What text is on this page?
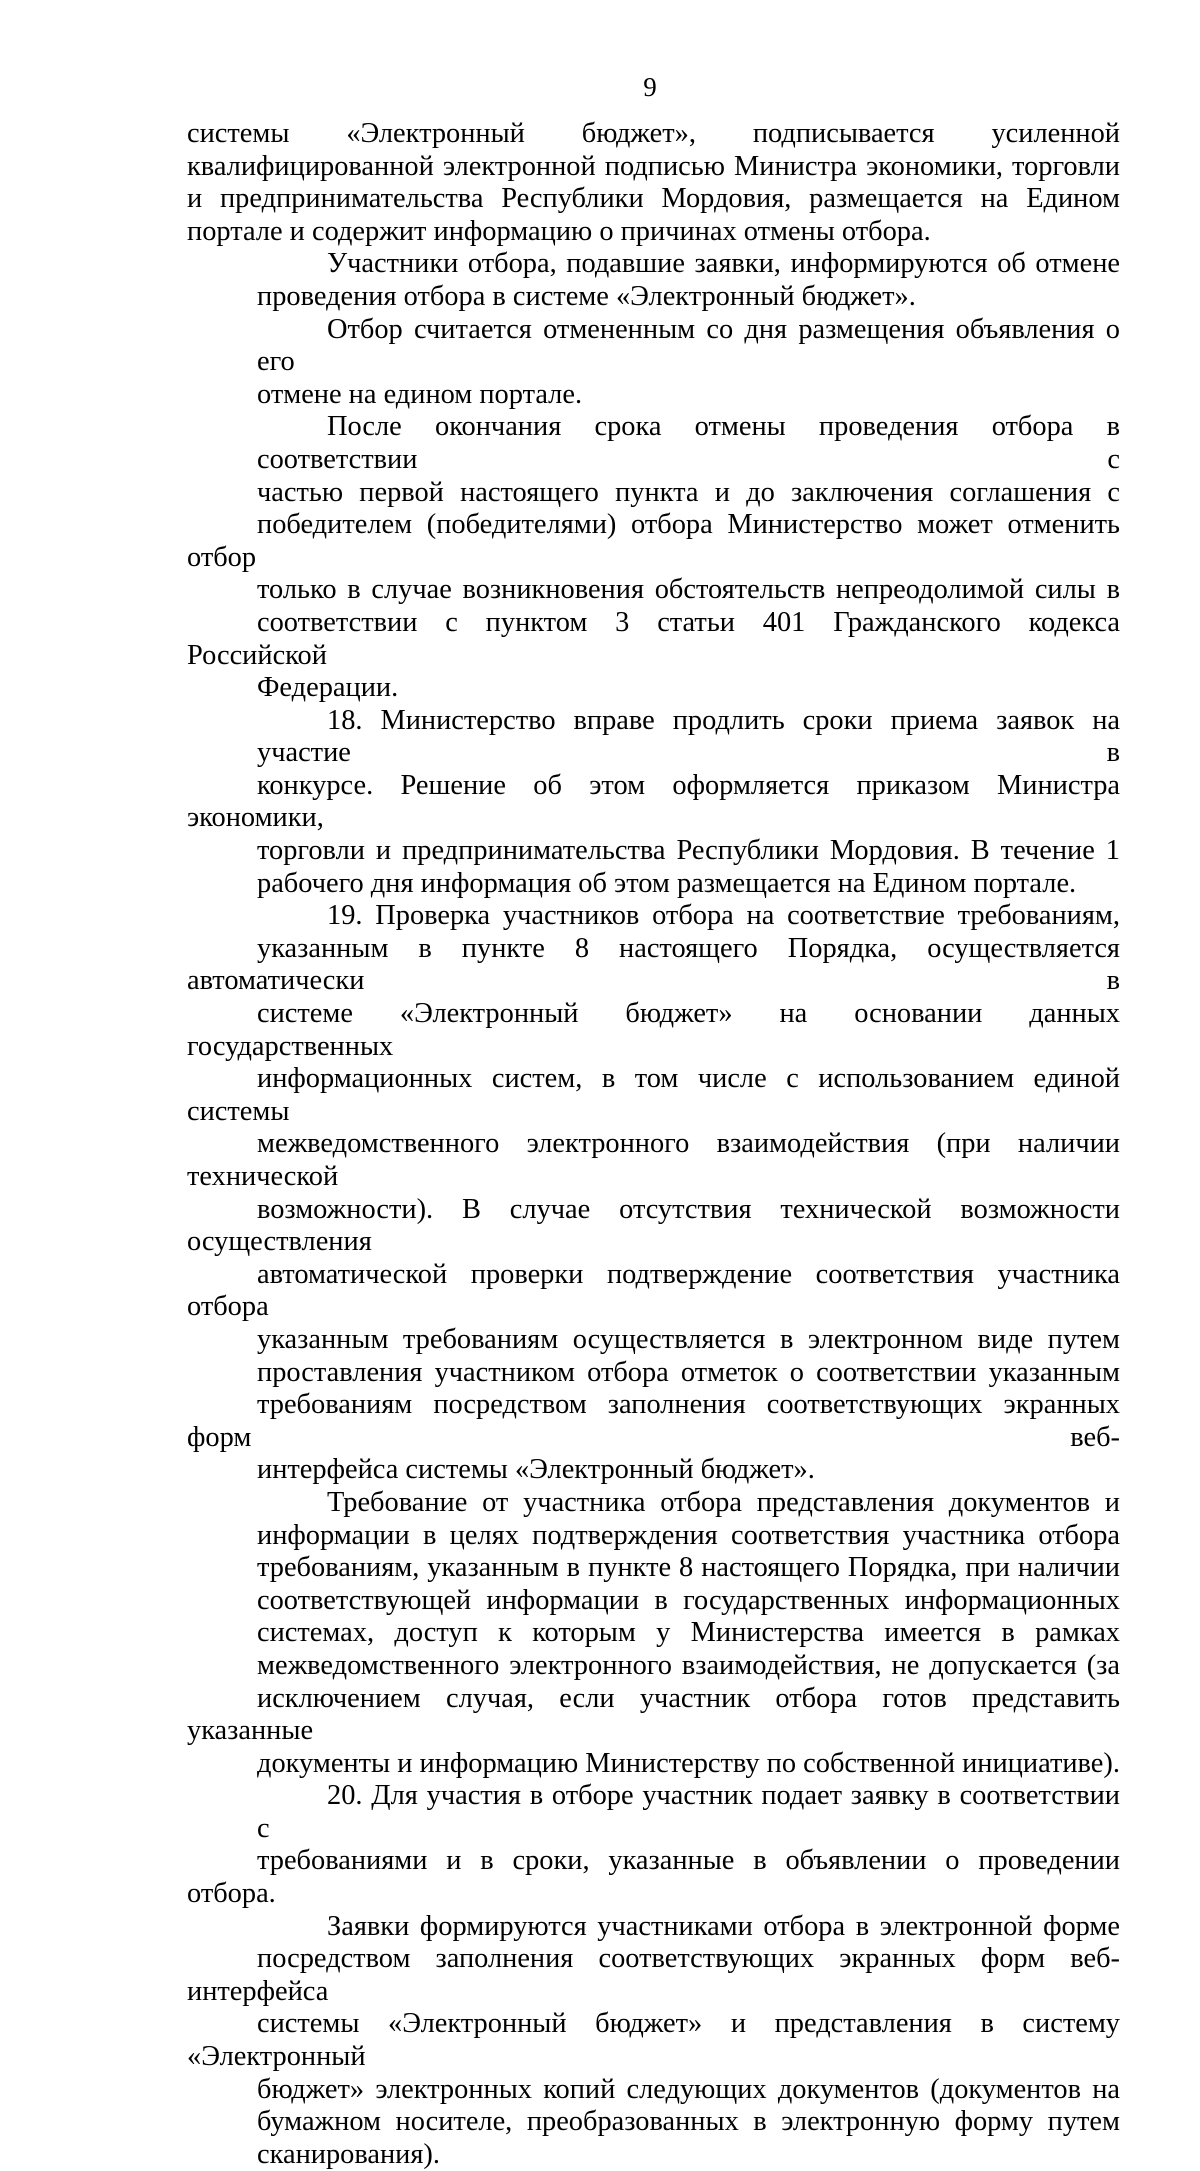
9
системы «Электронный бюджет», подписывается усиленной
квалифицированной электронной подписью Министра экономики, торговли
и предпринимательства Республики Мордовия, размещается на Едином
портале и содержит информацию о причинах отмены отбора.
Участники отбора, подавшие заявки, информируются об отмене
проведения отбора в системе «Электронный бюджет».
Отбор считается отмененным со дня размещения объявления о его
отмене на едином портале.
После окончания срока отмены проведения отбора в соответствии с
частью первой настоящего пункта и до заключения соглашения с
победителем (победителями) отбора Министерство может отменить отбор
только в случае возникновения обстоятельств непреодолимой силы в
соответствии с пунктом 3 статьи 401 Гражданского кодекса Российской
Федерации.
18. Министерство вправе продлить сроки приема заявок на участие в
конкурсе. Решение об этом оформляется приказом Министра экономики,
торговли и предпринимательства Республики Мордовия. В течение 1
рабочего дня информация об этом размещается на Едином портале.
19. Проверка участников отбора на соответствие требованиям,
указанным в пункте 8 настоящего Порядка, осуществляется автоматически в
системе «Электронный бюджет» на основании данных государственных
информационных систем, в том числе с использованием единой системы
межведомственного электронного взаимодействия (при наличии технической
возможности). В случае отсутствия технической возможности осуществления
автоматической проверки подтверждение соответствия участника отбора
указанным требованиям осуществляется в электронном виде путем
проставления участником отбора отметок о соответствии указанным
требованиям посредством заполнения соответствующих экранных форм веб-
интерфейса системы «Электронный бюджет».
Требование от участника отбора представления документов и
информации в целях подтверждения соответствия участника отбора
требованиям, указанным в пункте 8 настоящего Порядка, при наличии
соответствующей информации в государственных информационных
системах, доступ к которым у Министерства имеется в рамках
межведомственного электронного взаимодействия, не допускается (за
исключением случая, если участник отбора готов представить указанные
документы и информацию Министерству по собственной инициативе).
20. Для участия в отборе участник подает заявку в соответствии с
требованиями и в сроки, указанные в объявлении о проведении отбора.
Заявки формируются участниками отбора в электронной форме
посредством заполнения соответствующих экранных форм веб-интерфейса
системы «Электронный бюджет» и представления в систему «Электронный
бюджет» электронных копий следующих документов (документов на
бумажном носителе, преобразованных в электронную форму путем
сканирования).
